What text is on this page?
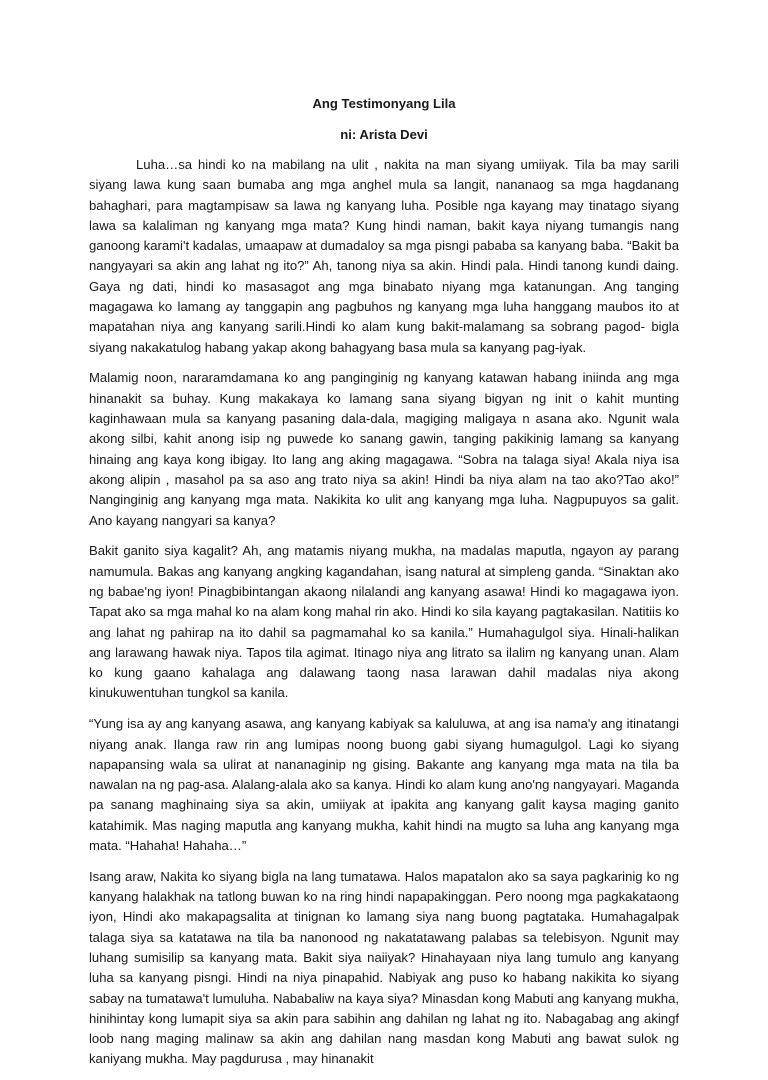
Ang Testimonyang Lila
ni: Arista Devi

Luha…sa hindi ko na mabilang na ulit , nakita na man siyang umiiyak. Tila ba may sarili siyang lawa kung saan bumaba ang mga anghel mula sa langit, nananaog sa mga hagdanang bahaghari, para magtampisaw sa lawa ng kanyang luha. Posible nga kayang may tinatago siyang lawa sa kalaliman ng kanyang mga mata? Kung hindi naman, bakit kaya niyang tumangis nang ganoong karami't kadalas, umaapaw at dumadaloy sa mga pisngi pababa sa kanyang baba. “Bakit ba nangyayari sa akin ang lahat ng ito?” Ah, tanong niya sa akin. Hindi pala. Hindi tanong kundi daing. Gaya ng dati, hindi ko masasagot ang mga binabato niyang mga katanungan. Ang tanging magagawa ko lamang ay tanggapin ang pagbuhos ng kanyang mga luha hanggang maubos ito at mapatahan niya ang kanyang sarili.Hindi ko alam kung bakit-malamang sa sobrang pagod- bigla siyang nakakatulog habang yakap akong bahagyang basa mula sa kanyang pag-iyak.

Malamig noon, nararamdamana ko ang panginginig ng kanyang katawan habang iniinda ang mga hinanakit sa buhay. Kung makakaya ko lamang sana siyang bigyan ng init o kahit munting kaginhawaan mula sa kanyang pasaning dala-dala, magiging maligaya n asana ako. Ngunit wala akong silbi, kahit anong isip ng puwede ko sanang gawin, tanging pakikinig lamang sa kanyang hinaing ang kaya kong ibigay. Ito lang ang aking magagawa. “Sobra na talaga siya! Akala niya isa akong alipin , masahol pa sa aso ang trato niya sa akin! Hindi ba niya alam na tao ako?Tao ako!” Nanginginig ang kanyang mga mata. Nakikita ko ulit ang kanyang mga luha. Nagpupuyos sa galit. Ano kayang nangyari sa kanya?

Bakit ganito siya kagalit? Ah, ang matamis niyang mukha, na madalas maputla, ngayon ay parang namumula. Bakas ang kanyang angking kagandahan, isang natural at simpleng ganda. “Sinaktan ako ng babae'ng iyon! Pinagbibintangan akaong nilalandi ang kanyang asawa! Hindi ko magagawa iyon. Tapat ako sa mga mahal ko na alam kong mahal rin ako. Hindi ko sila kayang pagtakasilan. Natitiis ko ang lahat ng pahirap na ito dahil sa pagmamahal ko sa kanila.” Humahagulgol siya. Hinali-halikan ang larawang hawak niya. Tapos tila agimat. Itinago niya ang litrato sa ilalim ng kanyang unan. Alam ko kung gaano kahalaga ang dalawang taong nasa larawan dahil madalas niya akong kinukuwentuhan tungkol sa kanila.

“Yung isa ay ang kanyang asawa, ang kanyang kabiyak sa kaluluwa, at ang isa nama'y ang itinatangi niyang anak. Ilanga raw rin ang lumipas noong buong gabi siyang humagulgol. Lagi ko siyang napapansing wala sa ulirat at nananaginip ng gising. Bakante ang kanyang mga mata na tila ba nawalan na ng pag-asa. Alalang-alala ako sa kanya. Hindi ko alam kung ano'ng nangyayari. Maganda pa sanang maghinaing siya sa akin, umiiyak at ipakita ang kanyang galit kaysa maging ganito katahimik. Mas naging maputla ang kanyang mukha, kahit hindi na mugto sa luha ang kanyang mga mata. “Hahaha! Hahaha…”

Isang araw, Nakita ko siyang bigla na lang tumatawa. Halos mapatalon ako sa saya pagkarinig ko ng kanyang halakhak na tatlong buwan ko na ring hindi napapakinggan. Pero noong mga pagkakataong iyon, Hindi ako makapagsalita at tinignan ko lamang siya nang buong pagtataka. Humahagalpak talaga siya sa katatawa na tila ba nanonood ng nakatatawang palabas sa telebisyon. Ngunit may luhang sumisilip sa kanyang mata. Bakit siya naiiyak? Hinahayaan niya lang tumulo ang kanyang luha sa kanyang pisngi. Hindi na niya pinapahid. Nabiyak ang puso ko habang nakikita ko siyang sabay na tumatawa't lumuluha. Nababaliw na kaya siya? Minasdan kong Mabuti ang kanyang mukha, hinihintay kong lumapit siya sa akin para sabihin ang dahilan ng lahat ng ito. Nabagabag ang akingf loob nang maging malinaw sa akin ang dahilan nang masdan kong Mabuti ang bawat sulok ng kaniyang mukha. May pagdurusa , may hinanakit
